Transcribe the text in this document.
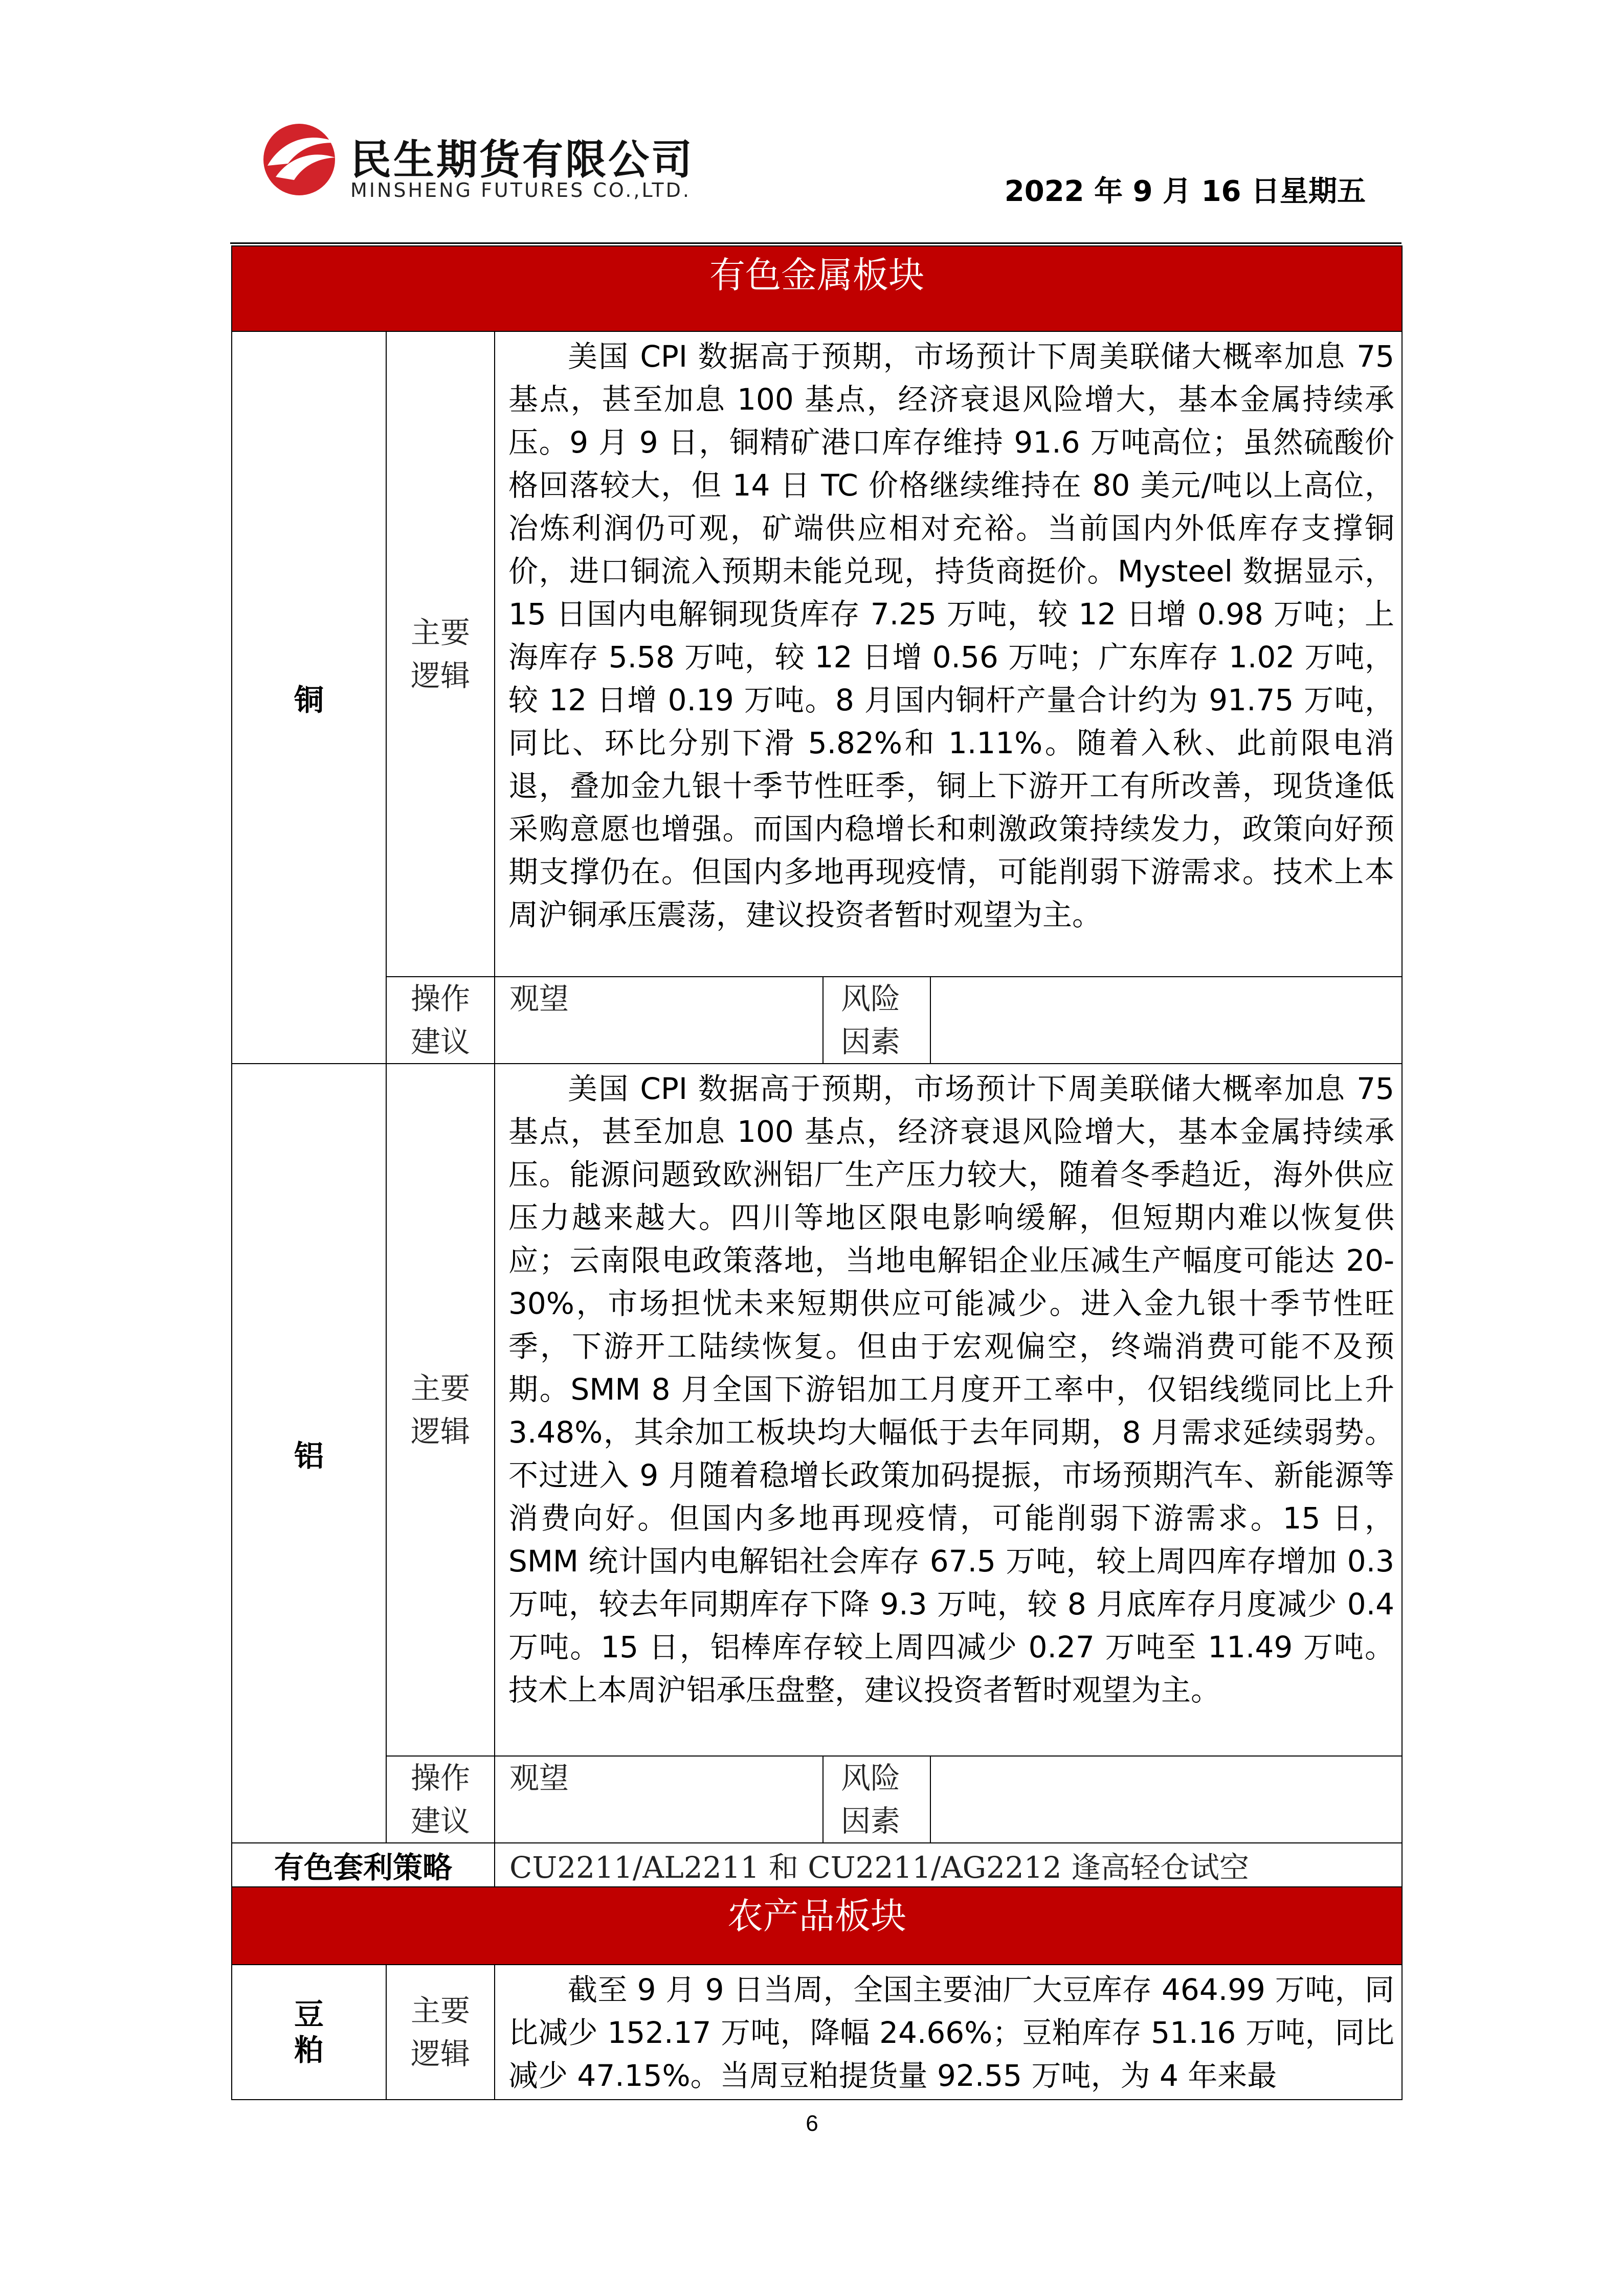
民生期货有限公司
MINSHENG FUTURES CO.,LTD.	2022 年 9 月 16 日星期五
有色金属板块				
铜	主要逻辑	美国 CPI 数据高于预期，市场预计下周美联储大概率加息 75 基点，甚至加息 100 基点，经济衰退风险增大，基本金属持续承压。9 月 9 日，铜精矿港口库存维持 91.6 万吨高位；虽然硫酸价格回落较大，但 14 日 TC 价格继续维持在 80 美元/吨以上高位，冶炼利润仍可观，矿端供应相对充裕。当前国内外低库存支撑铜价，进口铜流入预期未能兑现，持货商挺价。Mysteel 数据显示，15 日国内电解铜现货库存 7.25 万吨，较 12 日增 0.98 万吨；上海库存 5.58 万吨，较 12 日增 0.56 万吨；广东库存 1.02 万吨，较 12 日增 0.19 万吨。8 月国内铜杆产量合计约为 91.75 万吨，同比、环比分别下滑 5.82%和 1.11%。随着入秋、此前限电消退，叠加金九银十季节性旺季，铜上下游开工有所改善，现货逢低采购意愿也增强。而国内稳增长和刺激政策持续发力，政策向好预期支撑仍在。但国内多地再现疫情，可能削弱下游需求。技术上本周沪铜承压震荡，建议投资者暂时观望为主。		

	操作建议	观望	风险因素	
铝	主要逻辑	美国 CPI 数据高于预期，市场预计下周美联储大概率加息 75 基点，甚至加息 100 基点，经济衰退风险增大，基本金属持续承压。能源问题致欧洲铝厂生产压力较大，随着冬季趋近，海外供应压力越来越大。四川等地区限电影响缓解，但短期内难以恢复供应；云南限电政策落地，当地电解铝企业压减生产幅度可能达 20-30%，市场担忧未来短期供应可能减少。进入金九银十季节性旺季，下游开工陆续恢复。但由于宏观偏空，终端消费可能不及预期。SMM 8 月全国下游铝加工月度开工率中，仅铝线缆同比上升 3.48%，其余加工板块均大幅低于去年同期，8 月需求延续弱势。不过进入 9 月随着稳增长政策加码提振，市场预期汽车、新能源等消费向好。但国内多地再现疫情，可能削弱下游需求。15 日，SMM 统计国内电解铝社会库存 67.5 万吨，较上周四库存增加 0.3 万吨，较去年同期库存下降 9.3 万吨，较 8 月底库存月度减少 0.4 万吨。15 日，铝棒库存较上周四减少 0.27 万吨至 11.49 万吨。技术上本周沪铝承压盘整，建议投资者暂时观望为主。		

	操作建议	观望	风险因素	
有色套利策略		CU2211/AL2211 和 CU2211/AG2212 逢高轻仓试空		
农产品板块				
豆粕	主要逻辑	截至 9 月 9 日当周，全国主要油厂大豆库存 464.99 万吨，同比减少 152.17 万吨，降幅 24.66%；豆粕库存 51.16 万吨，同比减少 47.15%。当周豆粕提货量 92.55 万吨，为 4 年来最		

6
